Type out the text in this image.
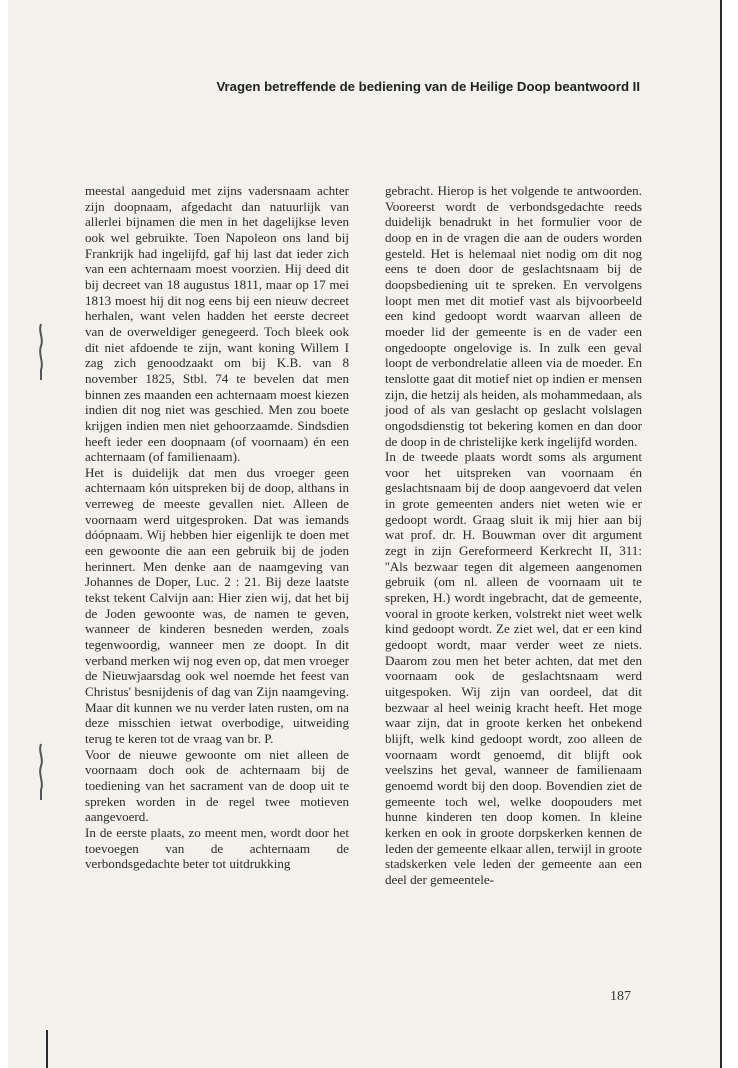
Vragen betreffende de bediening van de Heilige Doop beantwoord II

meestal aangeduid met zijns vadersnaam achter zijn doopnaam, afgedacht dan natuurlijk van allerlei bijnamen die men in het dagelijkse leven ook wel gebruikte. Toen Napoleon ons land bij Frankrijk had ingelijfd, gaf hij last dat ieder zich van een achternaam moest voorzien. Hij deed dit bij decreet van 18 augustus 1811, maar op 17 mei 1813 moest hij dit nog eens bij een nieuw decreet herhalen, want velen hadden het eerste decreet van de overweldiger genegeerd. Toch bleek ook dit niet afdoende te zijn, want koning Willem I zag zich genoodzaakt om bij K.B. van 8 november 1825, Stbl. 74 te bevelen dat men binnen zes maanden een achternaam moest kiezen indien dit nog niet was geschied. Men zou boete krijgen indien men niet gehoorzaamde. Sindsdien heeft ieder een doopnaam (of voornaam) én een achternaam (of familienaam).

Het is duidelijk dat men dus vroeger geen achternaam kón uitspreken bij de doop, althans in verreweg de meeste gevallen niet. Alleen de voornaam werd uitgesproken. Dat was iemands dóópnaam. Wij hebben hier eigenlijk te doen met een gewoonte die aan een gebruik bij de joden herinnert. Men denke aan de naamgeving van Johannes de Doper, Luc. 2 : 21. Bij deze laatste tekst tekent Calvijn aan: Hier zien wij, dat het bij de Joden gewoonte was, de namen te geven, wanneer de kinderen besneden werden, zoals tegenwoordig, wanneer men ze doopt. In dit verband merken wij nog even op, dat men vroeger de Nieuwjaarsdag ook wel noemde het feest van Christus' besnijdenis of dag van Zijn naamgeving. Maar dit kunnen we nu verder laten rusten, om na deze misschien ietwat overbodige, uitweiding terug te keren tot de vraag van br. P.

Voor de nieuwe gewoonte om niet alleen de voornaam doch ook de achternaam bij de toediening van het sacrament van de doop uit te spreken worden in de regel twee motieven aangevoerd.

In de eerste plaats, zo meent men, wordt door het toevoegen van de achternaam de verbondsgedachte beter tot uitdrukking

gebracht. Hierop is het volgende te antwoorden. Vooreerst wordt de verbondsgedachte reeds duidelijk benadrukt in het formulier voor de doop en in de vragen die aan de ouders worden gesteld. Het is helemaal niet nodig om dit nog eens te doen door de geslachtsnaam bij de doopsbediening uit te spreken. En vervolgens loopt men met dit motief vast als bijvoorbeeld een kind gedoopt wordt waarvan alleen de moeder lid der gemeente is en de vader een ongedoopte ongelovige is. In zulk een geval loopt de verbondrelatie alleen via de moeder. En tenslotte gaat dit motief niet op indien er mensen zijn, die hetzij als heiden, als mohammedaan, als jood of als van geslacht op geslacht volslagen ongodsdienstig tot bekering komen en dan door de doop in de christelijke kerk ingelijfd worden.

In de tweede plaats wordt soms als argument voor het uitspreken van voornaam én geslachtsnaam bij de doop aangevoerd dat velen in grote gemeenten anders niet weten wie er gedoopt wordt. Graag sluit ik mij hier aan bij wat prof. dr. H. Bouwman over dit argument zegt in zijn Gereformeerd Kerkrecht II, 311: ''Als bezwaar tegen dit algemeen aangenomen gebruik (om nl. alleen de voornaam uit te spreken, H.) wordt ingebracht, dat de gemeente, vooral in groote kerken, volstrekt niet weet welk kind gedoopt wordt. Ze ziet wel, dat er een kind gedoopt wordt, maar verder weet ze niets. Daarom zou men het beter achten, dat met den voornaam ook de geslachtsnaam werd uitgespoken. Wij zijn van oordeel, dat dit bezwaar al heel weinig kracht heeft. Het moge waar zijn, dat in groote kerken het onbekend blijft, welk kind gedoopt wordt, zoo alleen de voornaam wordt genoemd, dit blijft ook veelszins het geval, wanneer de familienaam genoemd wordt bij den doop. Bovendien ziet de gemeente toch wel, welke doopouders met hunne kinderen ten doop komen. In kleine kerken en ook in groote dorpskerken kennen de leden der gemeente elkaar allen, terwijl in groote stadskerken vele leden der gemeente aan een deel der gemeentele-

187
